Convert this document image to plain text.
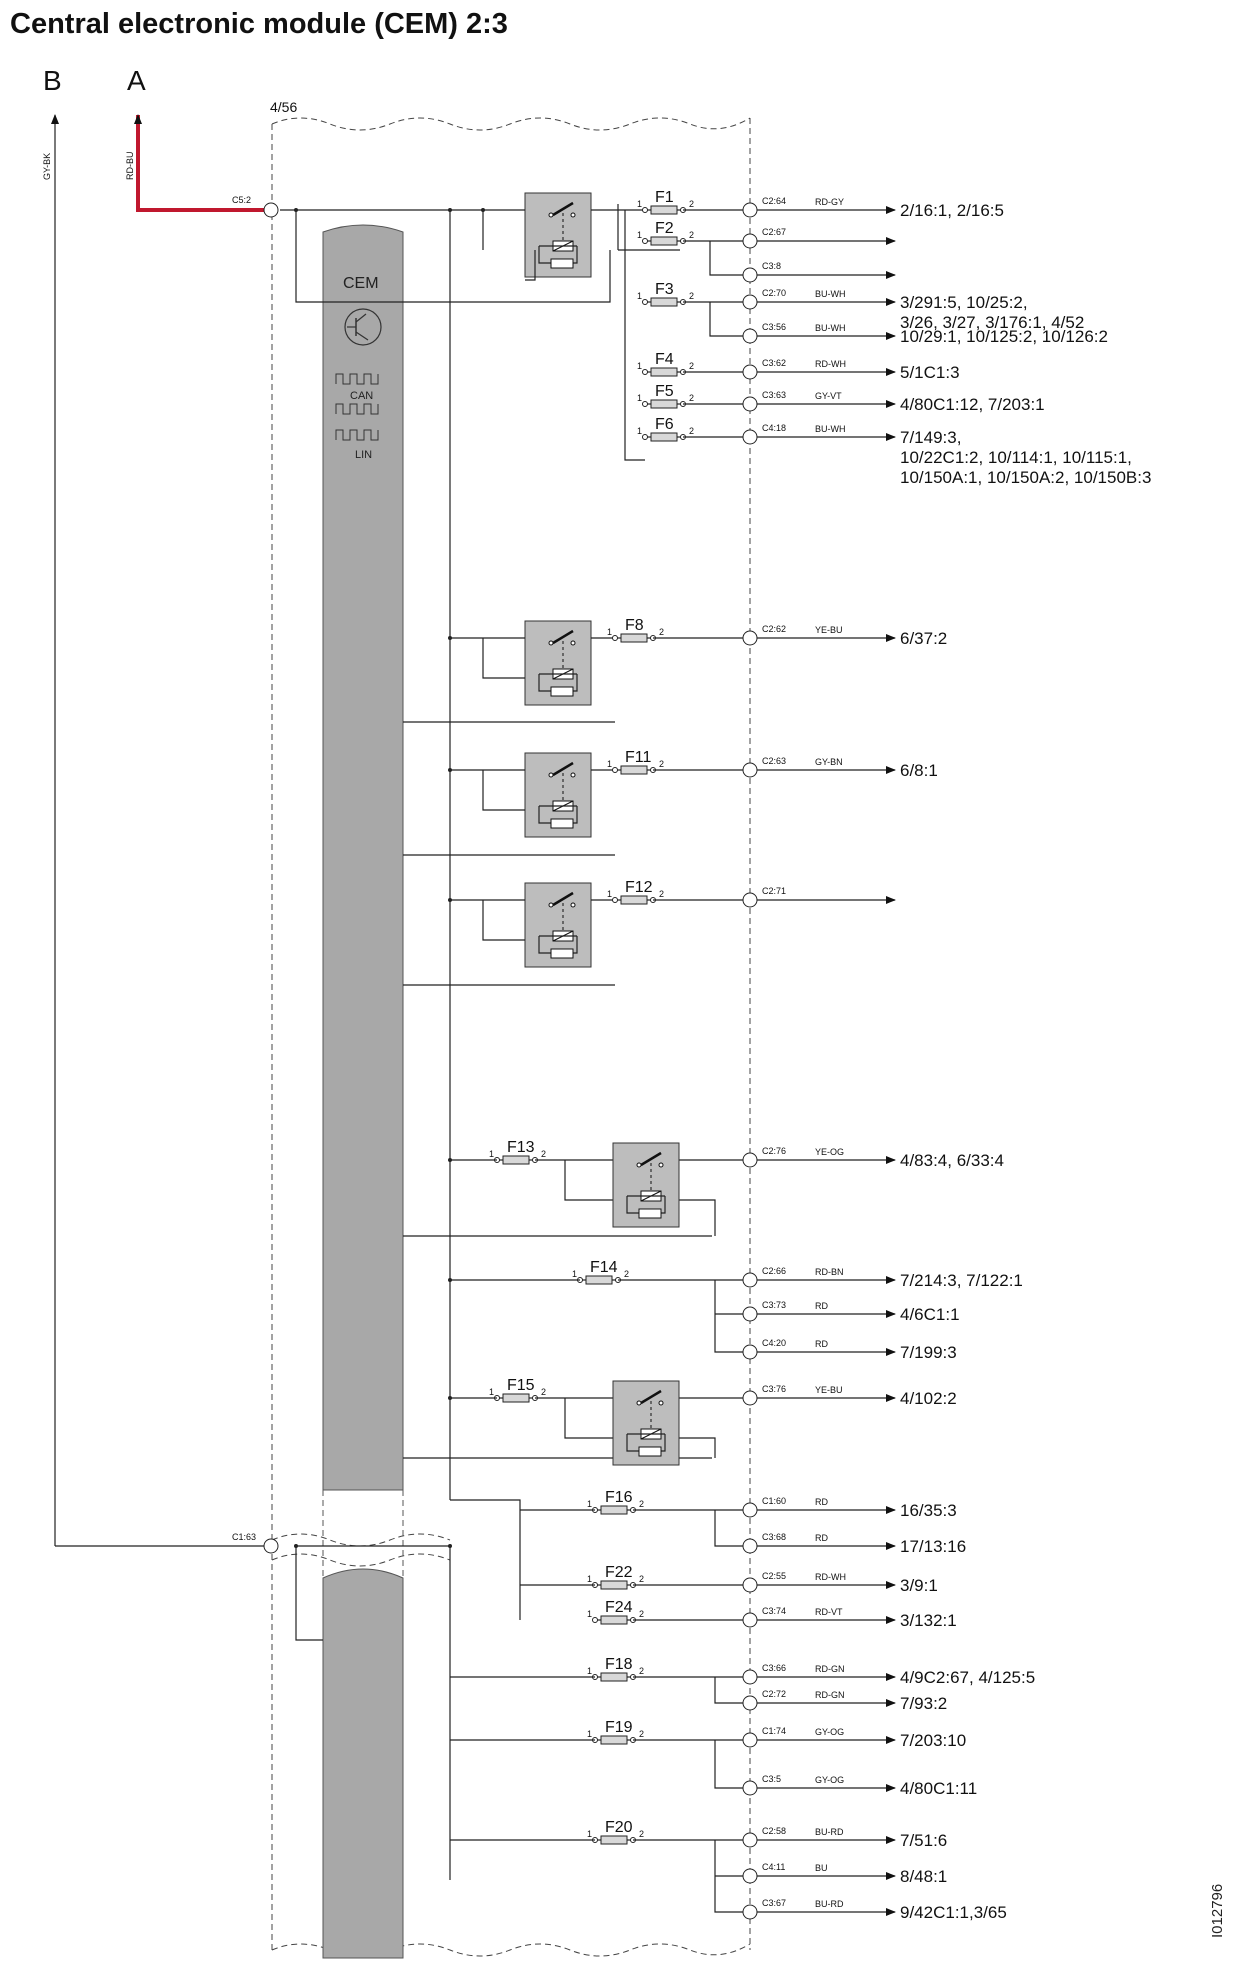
Central electronic module (CEM) 2:3
I012796
4/56
CEM
CAN
LIN
B A
GY-BK	RD-BU
C1:63
C5:2	1	2
F1
1	2
F2
1	2
F3
1	2
F4
1	2
F5
1	2
F6
C2:64	RD-GY	2/16:1, 2/16:5
C2:67
C3:8
C2:70	BU-WH	3/291:5, 10/25:2,
3/26, 3/27, 3/176:1, 4/52
C3:56	BU-WH	10/29:1, 10/125:2, 10/126:2
C3:62	RD-WH	5/1C1:3
C3:63	GY-VT	4/80C1:12, 7/203:1
C4:18	BU-WH	7/149:3,
10/22C1:2, 10/114:1, 10/115:1,
10/150A:1, 10/150A:2, 10/150B:3
1	2
F8	C2:62	YE-BU	6/37:2
1	2
F11	C2:63	GY-BN	6/8:1
1	2
F12	C2:71
1	2
F13	C2:76	YE-OG	4/83:4, 6/33:4
1	2
F14	C2:66	RD-BN	7/214:3, 7/122:1
C3:73	RD	4/6C1:1
C4:20	RD	7/199:3
1	2
F15	C3:76	YE-BU	4/102:2
1	2
F16	C1:60	RD	16/35:3
C3:68	RD	17/13:16
1	2
F22	C2:55	RD-WH	3/9:1
1	2
F24	C3:74	RD-VT	3/132:1
1	2
F18	C3:66	RD-GN	4/9C2:67, 4/125:5
C2:72	RD-GN	7/93:2
1	2
F19	C1:74	GY-OG	7/203:10
C3:5	GY-OG	4/80C1:11
1	2
F20	C2:58	BU-RD	7/51:6
C4:11	BU	8/48:1
C3:67	BU-RD	9/42C1:1,3/65
